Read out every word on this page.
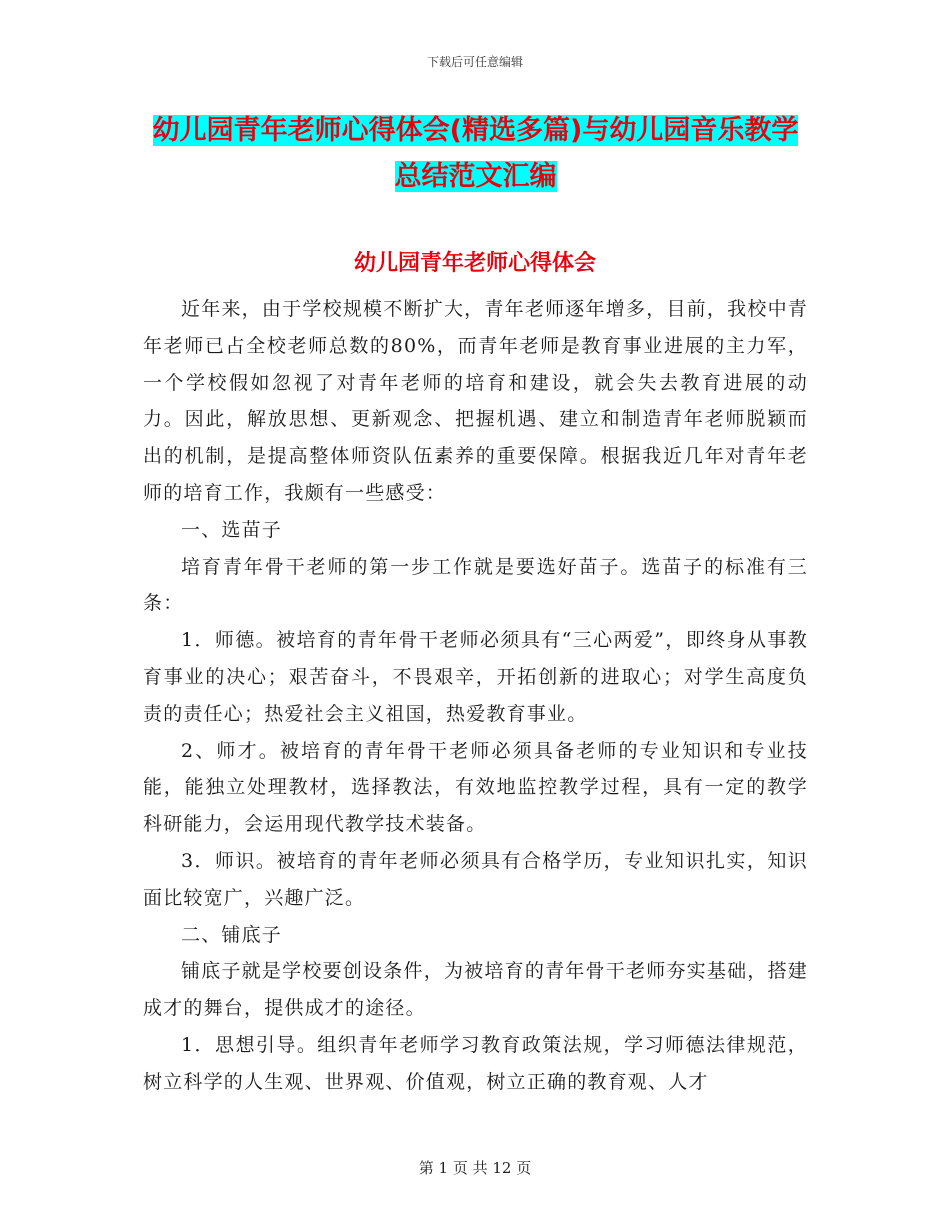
下载后可任意编辑
幼儿园青年老师心得体会(精选多篇)与幼儿园音乐教学总结范文汇编
幼儿园青年老师心得体会

近年来，由于学校规模不断扩大，青年老师逐年增多，目前，我校中青年老师已占全校老师总数的80%，而青年老师是教育事业进展的主力军，一个学校假如忽视了对青年老师的培育和建设，就会失去教育进展的动力。因此，解放思想、更新观念、把握机遇、建立和制造青年老师脱颖而出的机制，是提高整体师资队伍素养的重要保障。根据我近几年对青年老师的培育工作，我颇有一些感受：

一、选苗子

培育青年骨干老师的第一步工作就是要选好苗子。选苗子的标准有三条：

1．师德。被培育的青年骨干老师必须具有“三心两爱”，即终身从事教育事业的决心；艰苦奋斗，不畏艰辛，开拓创新的进取心；对学生高度负责的责任心；热爱社会主义祖国，热爱教育事业。

2、师才。被培育的青年骨干老师必须具备老师的专业知识和专业技能，能独立处理教材，选择教法，有效地监控教学过程，具有一定的教学科研能力，会运用现代教学技术装备。

3．师识。被培育的青年老师必须具有合格学历，专业知识扎实，知识面比较宽广，兴趣广泛。

二、铺底子

铺底子就是学校要创设条件，为被培育的青年骨干老师夯实基础，搭建成才的舞台，提供成才的途径。

1．思想引导。组织青年老师学习教育政策法规，学习师德法律规范，树立科学的人生观、世界观、价值观，树立正确的教育观、人才

第 1 页 共 12 页
